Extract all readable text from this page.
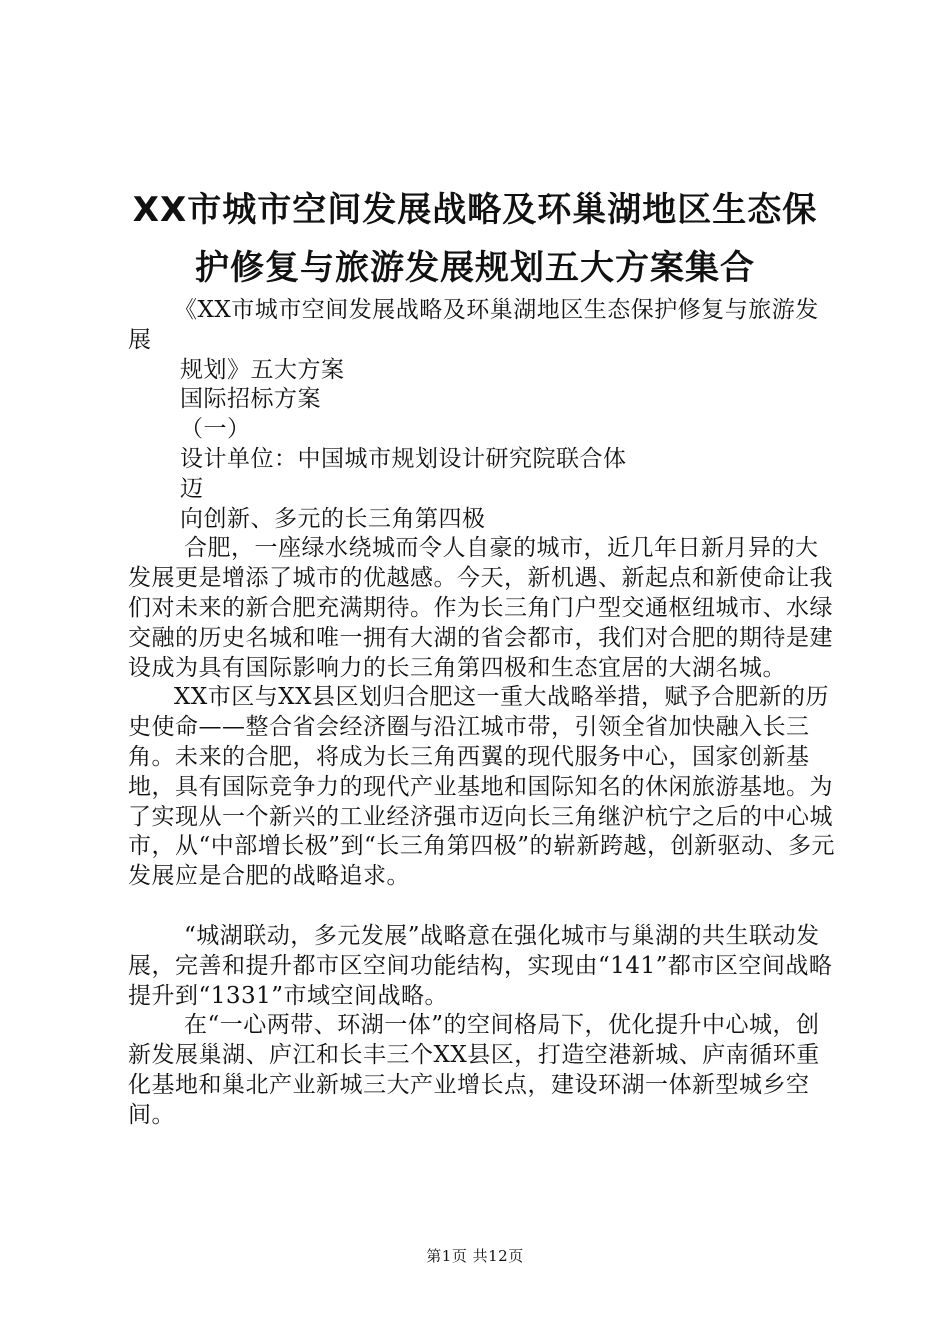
XX市城市空间发展战略及环巢湖地区生态保
护修复与旅游发展规划五大方案集合

《XX市城市空间发展战略及环巢湖地区生态保护修复与旅游发展

规划》五大方案

国际招标方案

（一）

设计单位：中国城市规划设计研究院联合体

迈

向创新、多元的长三角第四极

合肥，一座绿水绕城而令人自豪的城市，近几年日新月异的大发展更是增添了城市的优越感。今天，新机遇、新起点和新使命让我们对未来的新合肥充满期待。作为长三角门户型交通枢纽城市、水绿交融的历史名城和唯一拥有大湖的省会都市，我们对合肥的期待是建设成为具有国际影响力的长三角第四极和生态宜居的大湖名城。

XX市区与XX县区划归合肥这一重大战略举措，赋予合肥新的历史使命——整合省会经济圈与沿江城市带，引领全省加快融入长三角。未来的合肥，将成为长三角西翼的现代服务中心，国家创新基地，具有国际竞争力的现代产业基地和国际知名的休闲旅游基地。为了实现从一个新兴的工业经济强市迈向长三角继沪杭宁之后的中心城市，从“中部增长极”到“长三角第四极”的崭新跨越，创新驱动、多元发展应是合肥的战略追求。

“城湖联动，多元发展”战略意在强化城市与巢湖的共生联动发展，完善和提升都市区空间功能结构，实现由“141”都市区空间战略提升到“1331”市域空间战略。

在“一心两带、环湖一体”的空间格局下，优化提升中心城，创新发展巢湖、庐江和长丰三个XX县区，打造空港新城、庐南循环重化基地和巢北产业新城三大产业增长点，建设环湖一体新型城乡空间。

第1页 共12页
